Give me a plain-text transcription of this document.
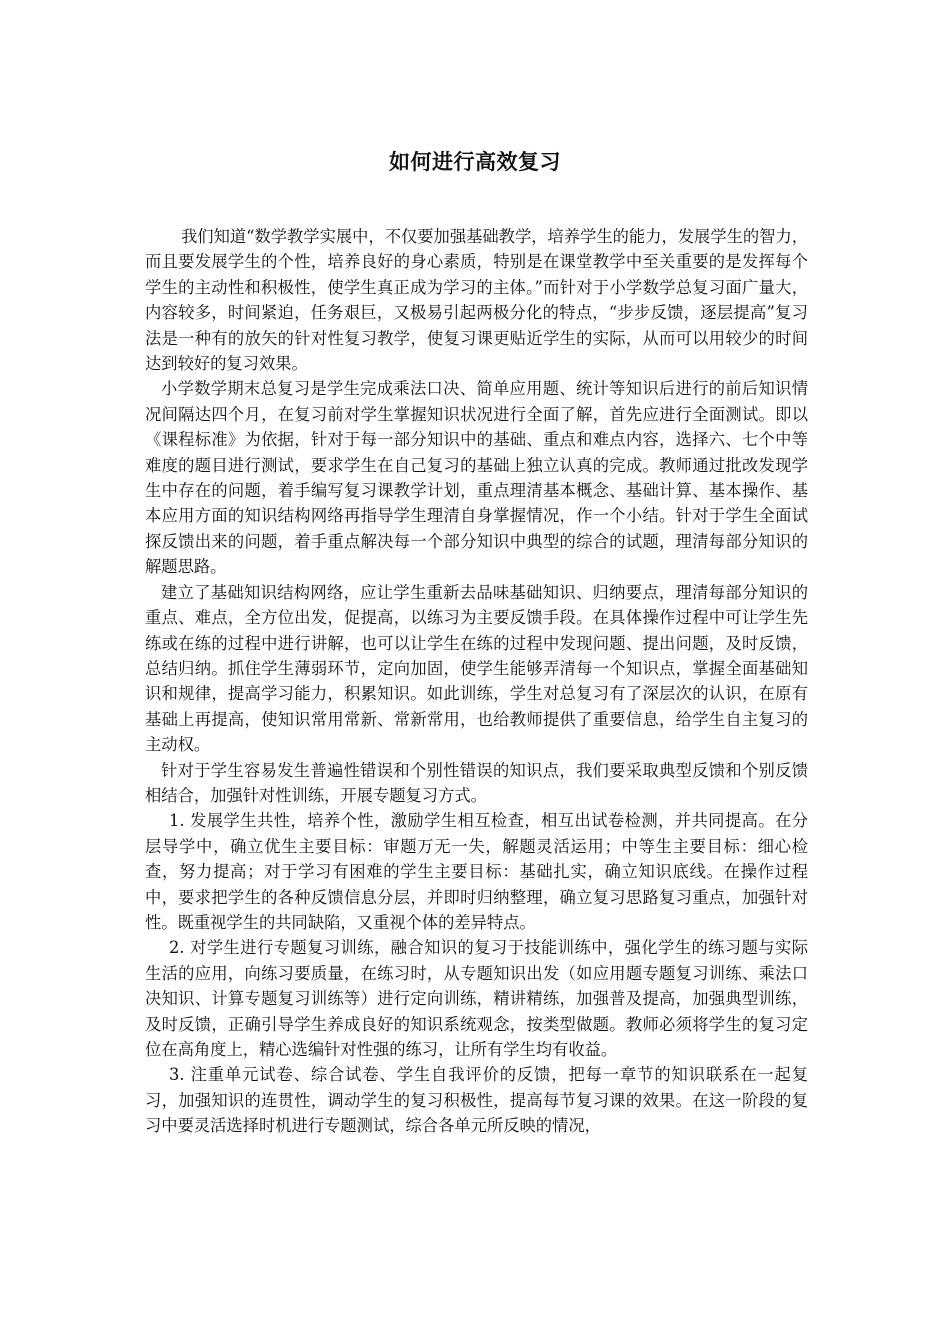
如何进行高效复习

我们知道“数学教学实展中，不仅要加强基础教学，培养学生的能力，发展学生的智力，而且要发展学生的个性，培养良好的身心素质，特别是在课堂教学中至关重要的是发挥每个学生的主动性和积极性，使学生真正成为学习的主体。”而针对于小学数学总复习面广量大，内容较多，时间紧迫，任务艰巨，又极易引起两极分化的特点，“步步反馈，逐层提高”复习法是一种有的放矢的针对性复习教学，使复习课更贴近学生的实际，从而可以用较少的时间达到较好的复习效果。

小学数学期末总复习是学生完成乘法口决、简单应用题、统计等知识后进行的前后知识情况间隔达四个月，在复习前对学生掌握知识状况进行全面了解，首先应进行全面测试。即以《课程标准》为依据，针对于每一部分知识中的基础、重点和难点内容，选择六、七个中等难度的题目进行测试，要求学生在自己复习的基础上独立认真的完成。教师通过批改发现学生中存在的问题，着手编写复习课教学计划，重点理清基本概念、基础计算、基本操作、基本应用方面的知识结构网络再指导学生理清自身掌握情况，作一个小结。针对于学生全面试探反馈出来的问题，着手重点解决每一个部分知识中典型的综合的试题，理清每部分知识的解题思路。

建立了基础知识结构网络，应让学生重新去品味基础知识、归纳要点，理清每部分知识的重点、难点，全方位出发，促提高，以练习为主要反馈手段。在具体操作过程中可让学生先练或在练的过程中进行讲解，也可以让学生在练的过程中发现问题、提出问题，及时反馈，总结归纳。抓住学生薄弱环节，定向加固，使学生能够弄清每一个知识点，掌握全面基础知识和规律，提高学习能力，积累知识。如此训练，学生对总复习有了深层次的认识，在原有基础上再提高，使知识常用常新、常新常用，也给教师提供了重要信息，给学生自主复习的主动权。

针对于学生容易发生普遍性错误和个别性错误的知识点，我们要采取典型反馈和个别反馈相结合，加强针对性训练，开展专题复习方式。

1. 发展学生共性，培养个性，激励学生相互检查，相互出试卷检测，并共同提高。在分层导学中，确立优生主要目标：审题万无一失，解题灵活运用；中等生主要目标：细心检查，努力提高；对于学习有困难的学生主要目标：基础扎实，确立知识底线。在操作过程中，要求把学生的各种反馈信息分层，并即时归纳整理，确立复习思路复习重点，加强针对性。既重视学生的共同缺陷，又重视个体的差异特点。

2. 对学生进行专题复习训练，融合知识的复习于技能训练中，强化学生的练习题与实际生活的应用，向练习要质量，在练习时，从专题知识出发（如应用题专题复习训练、乘法口决知识、计算专题复习训练等）进行定向训练，精讲精练，加强普及提高，加强典型训练，及时反馈，正确引导学生养成良好的知识系统观念，按类型做题。教师必须将学生的复习定位在高角度上，精心选编针对性强的练习，让所有学生均有收益。

3. 注重单元试卷、综合试卷、学生自我评价的反馈，把每一章节的知识联系在一起复习，加强知识的连贯性，调动学生的复习积极性，提高每节复习课的效果。在这一阶段的复习中要灵活选择时机进行专题测试，综合各单元所反映的情况，
